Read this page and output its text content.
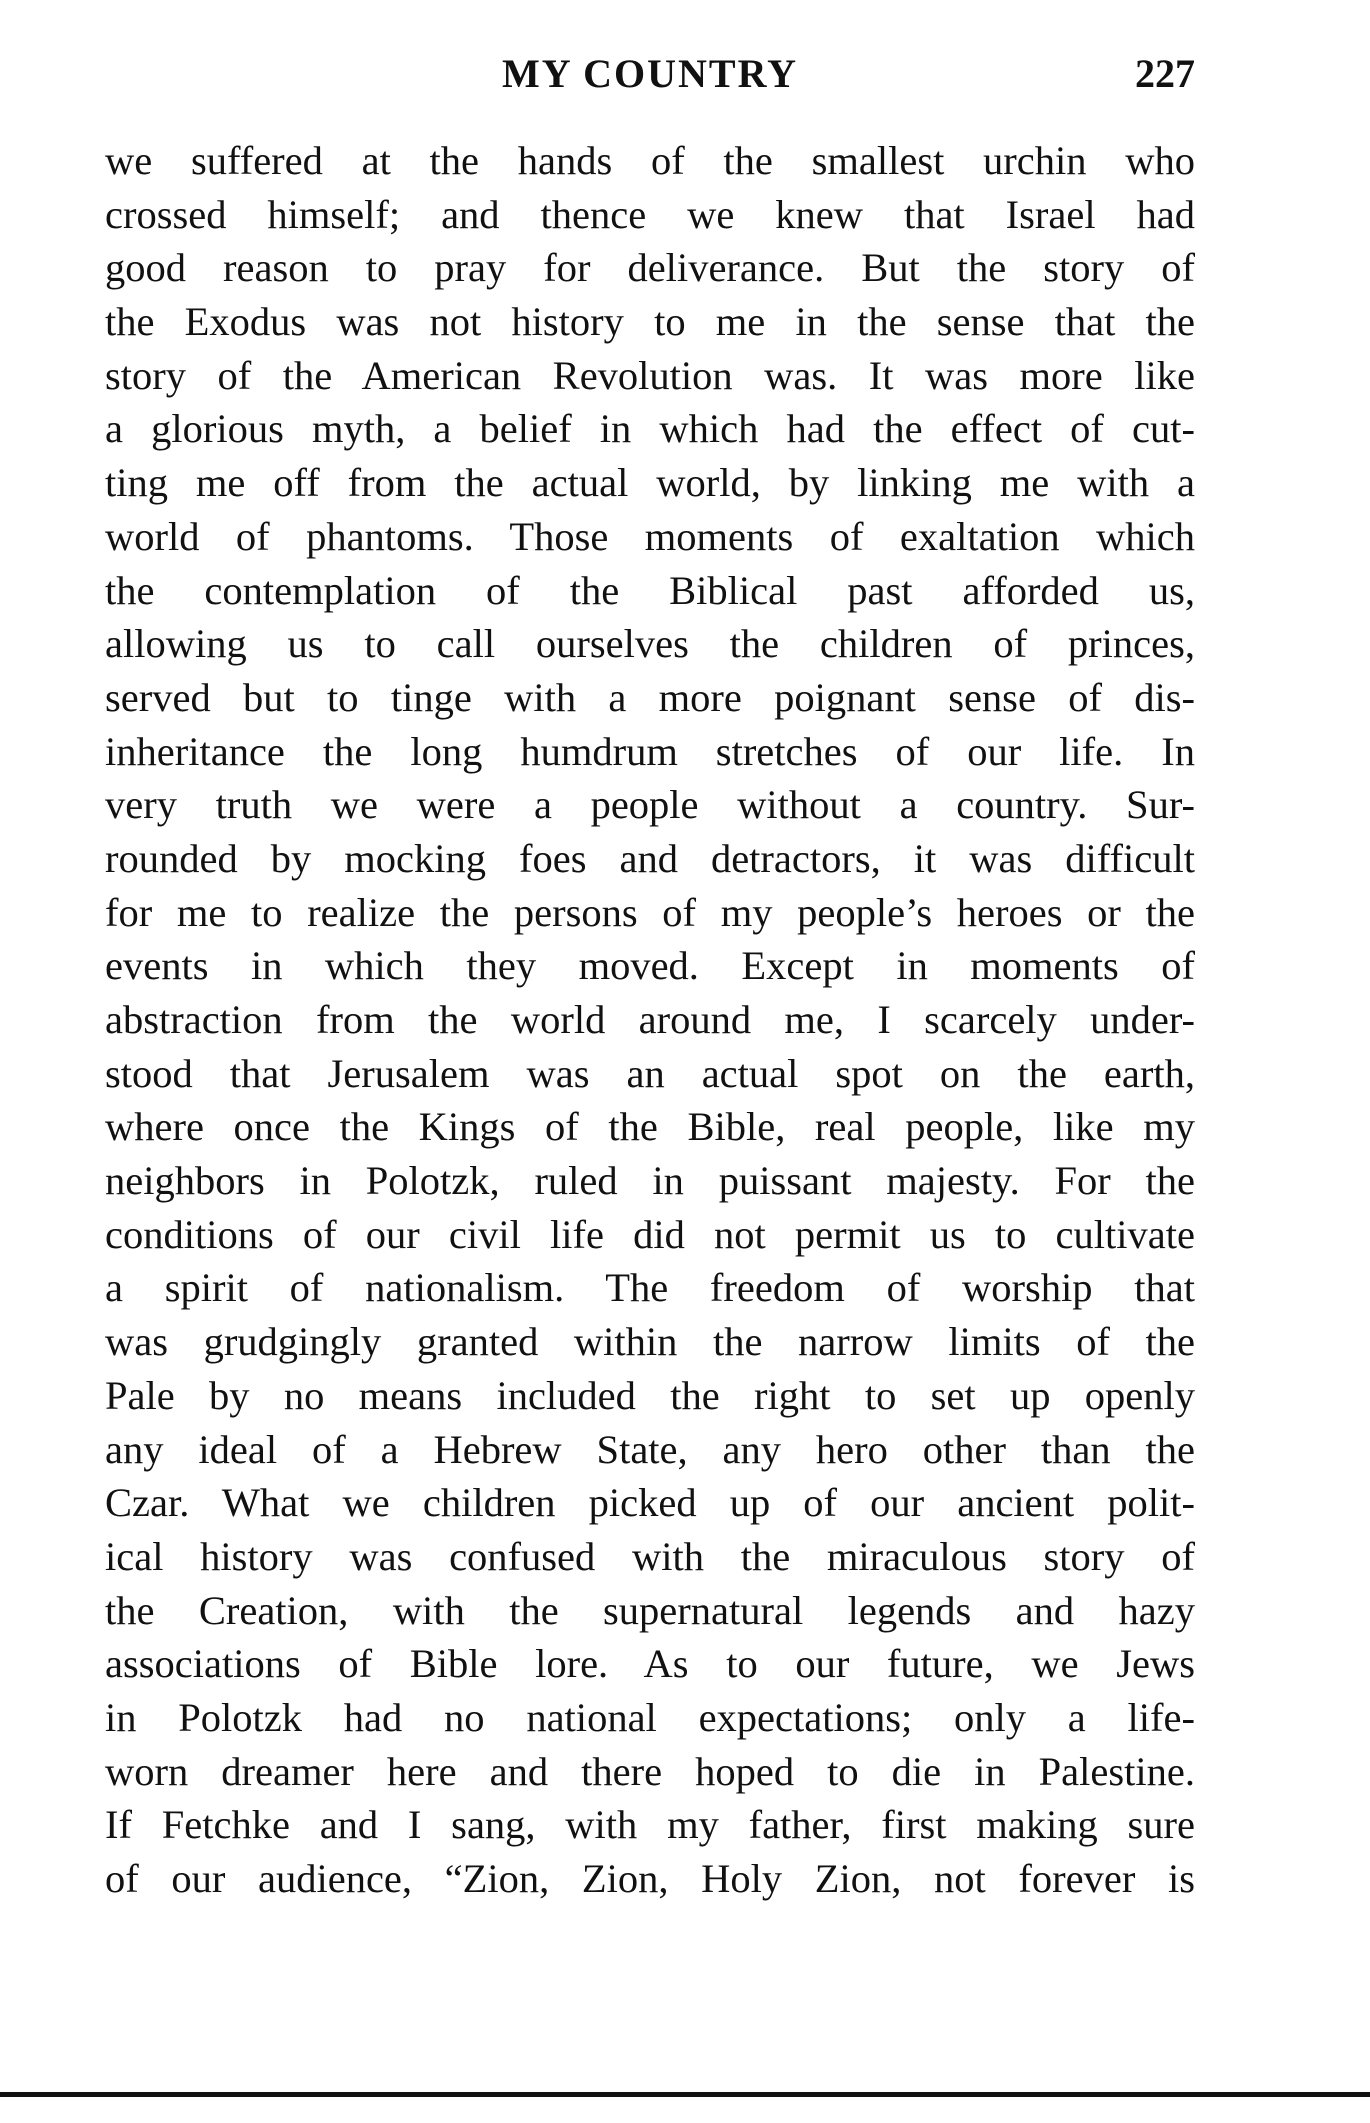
MY COUNTRY	227
we suffered at the hands of the smallest urchin who
crossed himself; and thence we knew that Israel had
good reason to pray for deliverance. But the story of
the Exodus was not history to me in the sense that the
story of the American Revolution was. It was more like
a glorious myth, a belief in which had the effect of cut-
ting me off from the actual world, by linking me with a
world of phantoms. Those moments of exaltation which
the contemplation of the Biblical past afforded us,
allowing us to call ourselves the children of princes,
served but to tinge with a more poignant sense of dis-
inheritance the long humdrum stretches of our life. In
very truth we were a people without a country. Sur-
rounded by mocking foes and detractors, it was difficult
for me to realize the persons of my people’s heroes or the
events in which they moved. Except in moments of
abstraction from the world around me, I scarcely under-
stood that Jerusalem was an actual spot on the earth,
where once the Kings of the Bible, real people, like my
neighbors in Polotzk, ruled in puissant majesty. For the
conditions of our civil life did not permit us to cultivate
a spirit of nationalism. The freedom of worship that
was grudgingly granted within the narrow limits of the
Pale by no means included the right to set up openly
any ideal of a Hebrew State, any hero other than the
Czar. What we children picked up of our ancient polit-
ical history was confused with the miraculous story of
the Creation, with the supernatural legends and hazy
associations of Bible lore. As to our future, we Jews
in Polotzk had no national expectations; only a life-
worn dreamer here and there hoped to die in Palestine.
If Fetchke and I sang, with my father, first making sure
of our audience, “Zion, Zion, Holy Zion, not forever is
